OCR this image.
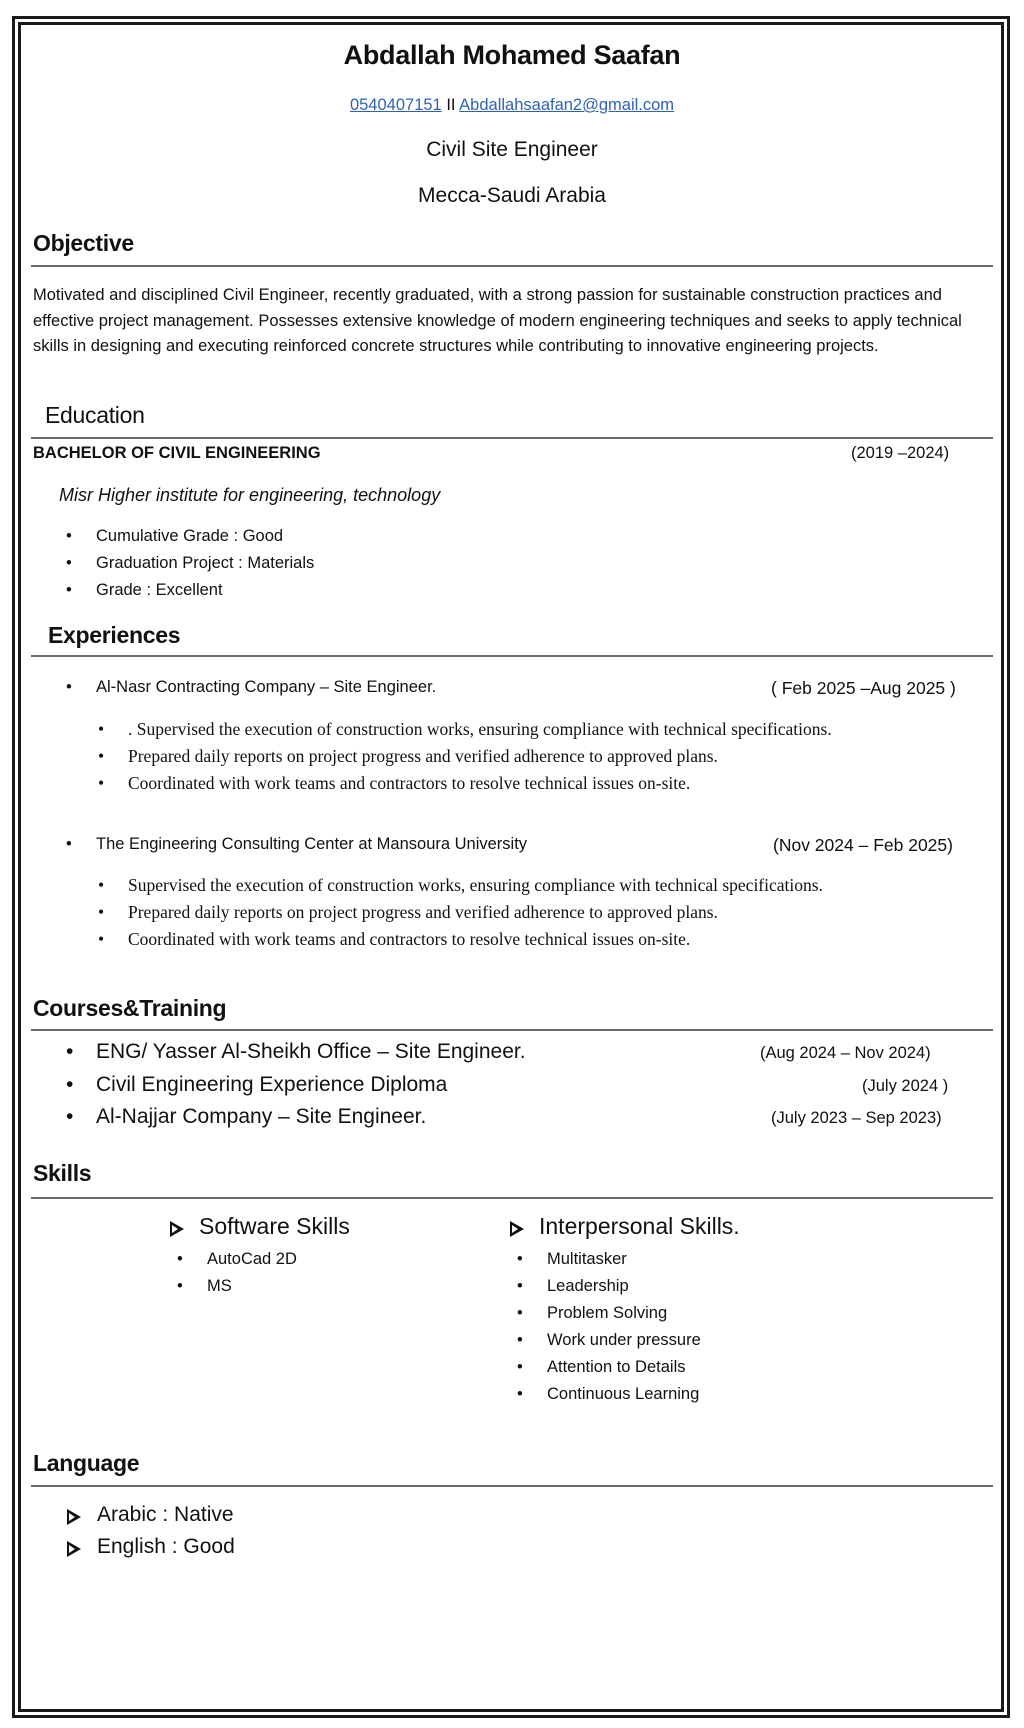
Abdallah Mohamed Saafan
0540407151 II Abdallahsaafan2@gmail.com
Civil Site Engineer
Mecca-Saudi Arabia
Objective
Motivated and disciplined Civil Engineer, recently graduated, with a strong passion for sustainable construction practices and effective project management. Possesses extensive knowledge of modern engineering techniques and seeks to apply technical skills in designing and executing reinforced concrete structures while contributing to innovative engineering projects.
Education
BACHELOR OF CIVIL ENGINEERING	(2019 –2024)
Misr Higher institute for engineering, technology
• Cumulative Grade : Good
• Graduation Project : Materials
• Grade : Excellent
Experiences
• Al-Nasr Contracting Company – Site Engineer.	( Feb 2025 –Aug 2025 )
• . Supervised the execution of construction works, ensuring compliance with technical specifications.
• Prepared daily reports on project progress and verified adherence to approved plans.
• Coordinated with work teams and contractors to resolve technical issues on-site.
• The Engineering Consulting Center at Mansoura University	(Nov 2024 – Feb 2025)
• Supervised the execution of construction works, ensuring compliance with technical specifications.
• Prepared daily reports on project progress and verified adherence to approved plans.
• Coordinated with work teams and contractors to resolve technical issues on-site.
Courses&Training
• ENG/ Yasser Al-Sheikh Office – Site Engineer.	(Aug 2024 – Nov 2024)
• Civil Engineering Experience Diploma	(July 2024 )
• Al-Najjar Company – Site Engineer.	(July 2023 – Sep 2023)
Skills
Software Skills
• AutoCad 2D
• MS
Interpersonal Skills.
• Multitasker
• Leadership
• Problem Solving
• Work under pressure
• Attention to Details
• Continuous Learning
Language
Arabic : Native
English : Good
